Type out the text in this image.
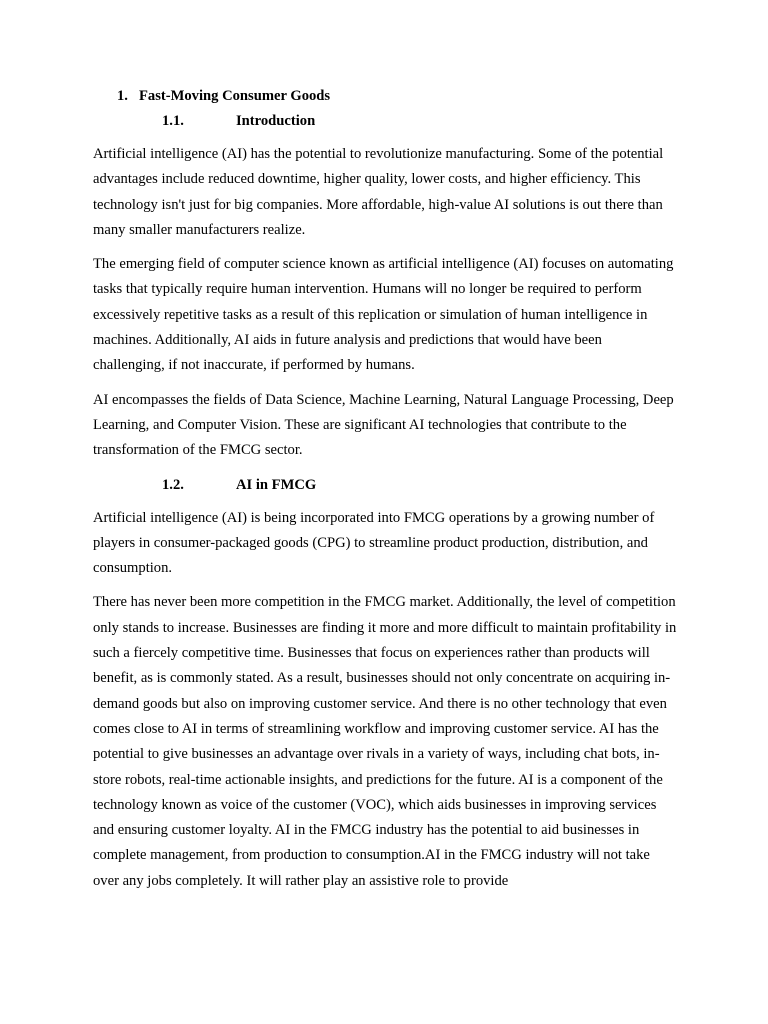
1. Fast-Moving Consumer Goods
1.1.	Introduction

Artificial intelligence (AI) has the potential to revolutionize manufacturing. Some of the potential advantages include reduced downtime, higher quality, lower costs, and higher efficiency. This technology isn't just for big companies. More affordable, high-value AI solutions is out there than many smaller manufacturers realize.

The emerging field of computer science known as artificial intelligence (AI) focuses on automating tasks that typically require human intervention. Humans will no longer be required to perform excessively repetitive tasks as a result of this replication or simulation of human intelligence in machines. Additionally, AI aids in future analysis and predictions that would have been challenging, if not inaccurate, if performed by humans.

AI encompasses the fields of Data Science, Machine Learning, Natural Language Processing, Deep Learning, and Computer Vision. These are significant AI technologies that contribute to the transformation of the FMCG sector.

1.2.	AI in FMCG

Artificial intelligence (AI) is being incorporated into FMCG operations by a growing number of players in consumer-packaged goods (CPG) to streamline product production, distribution, and consumption.

There has never been more competition in the FMCG market. Additionally, the level of competition only stands to increase. Businesses are finding it more and more difficult to maintain profitability in such a fiercely competitive time. Businesses that focus on experiences rather than products will benefit, as is commonly stated. As a result, businesses should not only concentrate on acquiring in-demand goods but also on improving customer service. And there is no other technology that even comes close to AI in terms of streamlining workflow and improving customer service. AI has the potential to give businesses an advantage over rivals in a variety of ways, including chat bots, in-store robots, real-time actionable insights, and predictions for the future. AI is a component of the technology known as voice of the customer (VOC), which aids businesses in improving services and ensuring customer loyalty. AI in the FMCG industry has the potential to aid businesses in complete management, from production to consumption.AI in the FMCG industry will not take over any jobs completely. It will rather play an assistive role to provide
